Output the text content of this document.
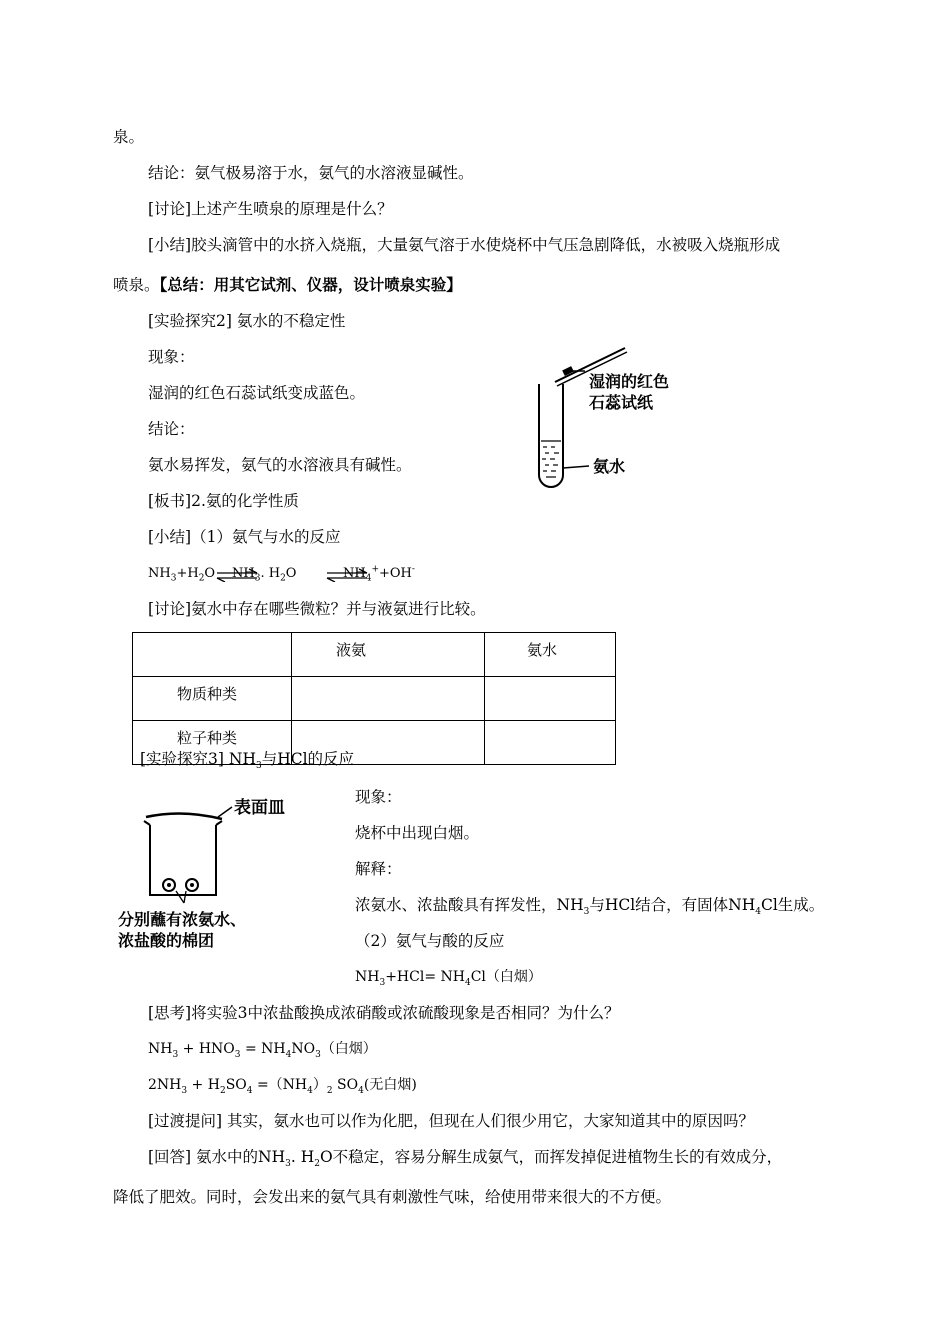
泉。
结论：氨气极易溶于水，氨气的水溶液显碱性。
[讨论]上述产生喷泉的原理是什么？
[小结]胶头滴管中的水挤入烧瓶，大量氨气溶于水使烧杯中气压急剧降低，水被吸入烧瓶形成
喷泉。【总结：用其它试剂、仪器，设计喷泉实验】
[实验探究2] 氨水的不稳定性
现象：
湿润的红色石蕊试纸变成蓝色。
结论：
氨水易挥发，氨气的水溶液具有碱性。
湿润的红色
石蕊试纸
氨水
[板书]2.氨的化学性质
[小结]（1）氨气与水的反应
$NH_3+H_2O$ ⇌
$NH_3$. $H_2O$	$NH_4^++OH^-$
[讨论]氨水中存在哪些微粒？并与液氨进行比较。
	液氨	氨水
物质种类		
粒子种类		
[实验探究3] $NH_3$与HCl的反应
表面皿
分别蘸有浓氨水、
浓盐酸的棉团
现象：
烧杯中出现白烟。
解释：
浓氨水、浓盐酸具有挥发性，$NH_3$与HCl结合，有固体$NH_4Cl$生成。
（2）氨气与酸的反应
$NH_3+HCl= NH_4Cl$（白烟）
[思考]将实验3中浓盐酸换成浓硝酸或浓硫酸现象是否相同？为什么？
$NH_3 + HNO_3 = NH_4NO_3$（白烟）
$2NH_3 + H_2SO_4 =(NH_4)_2$ $SO_4$(无白烟)
[过渡提问] 其实，氨水也可以作为化肥，但现在人们很少用它，大家知道其中的原因吗？
[回答] 氨水中的$NH_3$. $H_2O$不稳定，容易分解生成氨气，而挥发掉促进植物生长的有效成分，
降低了肥效。同时，会发出来的氨气具有刺激性气味，给使用带来很大的不方便。
